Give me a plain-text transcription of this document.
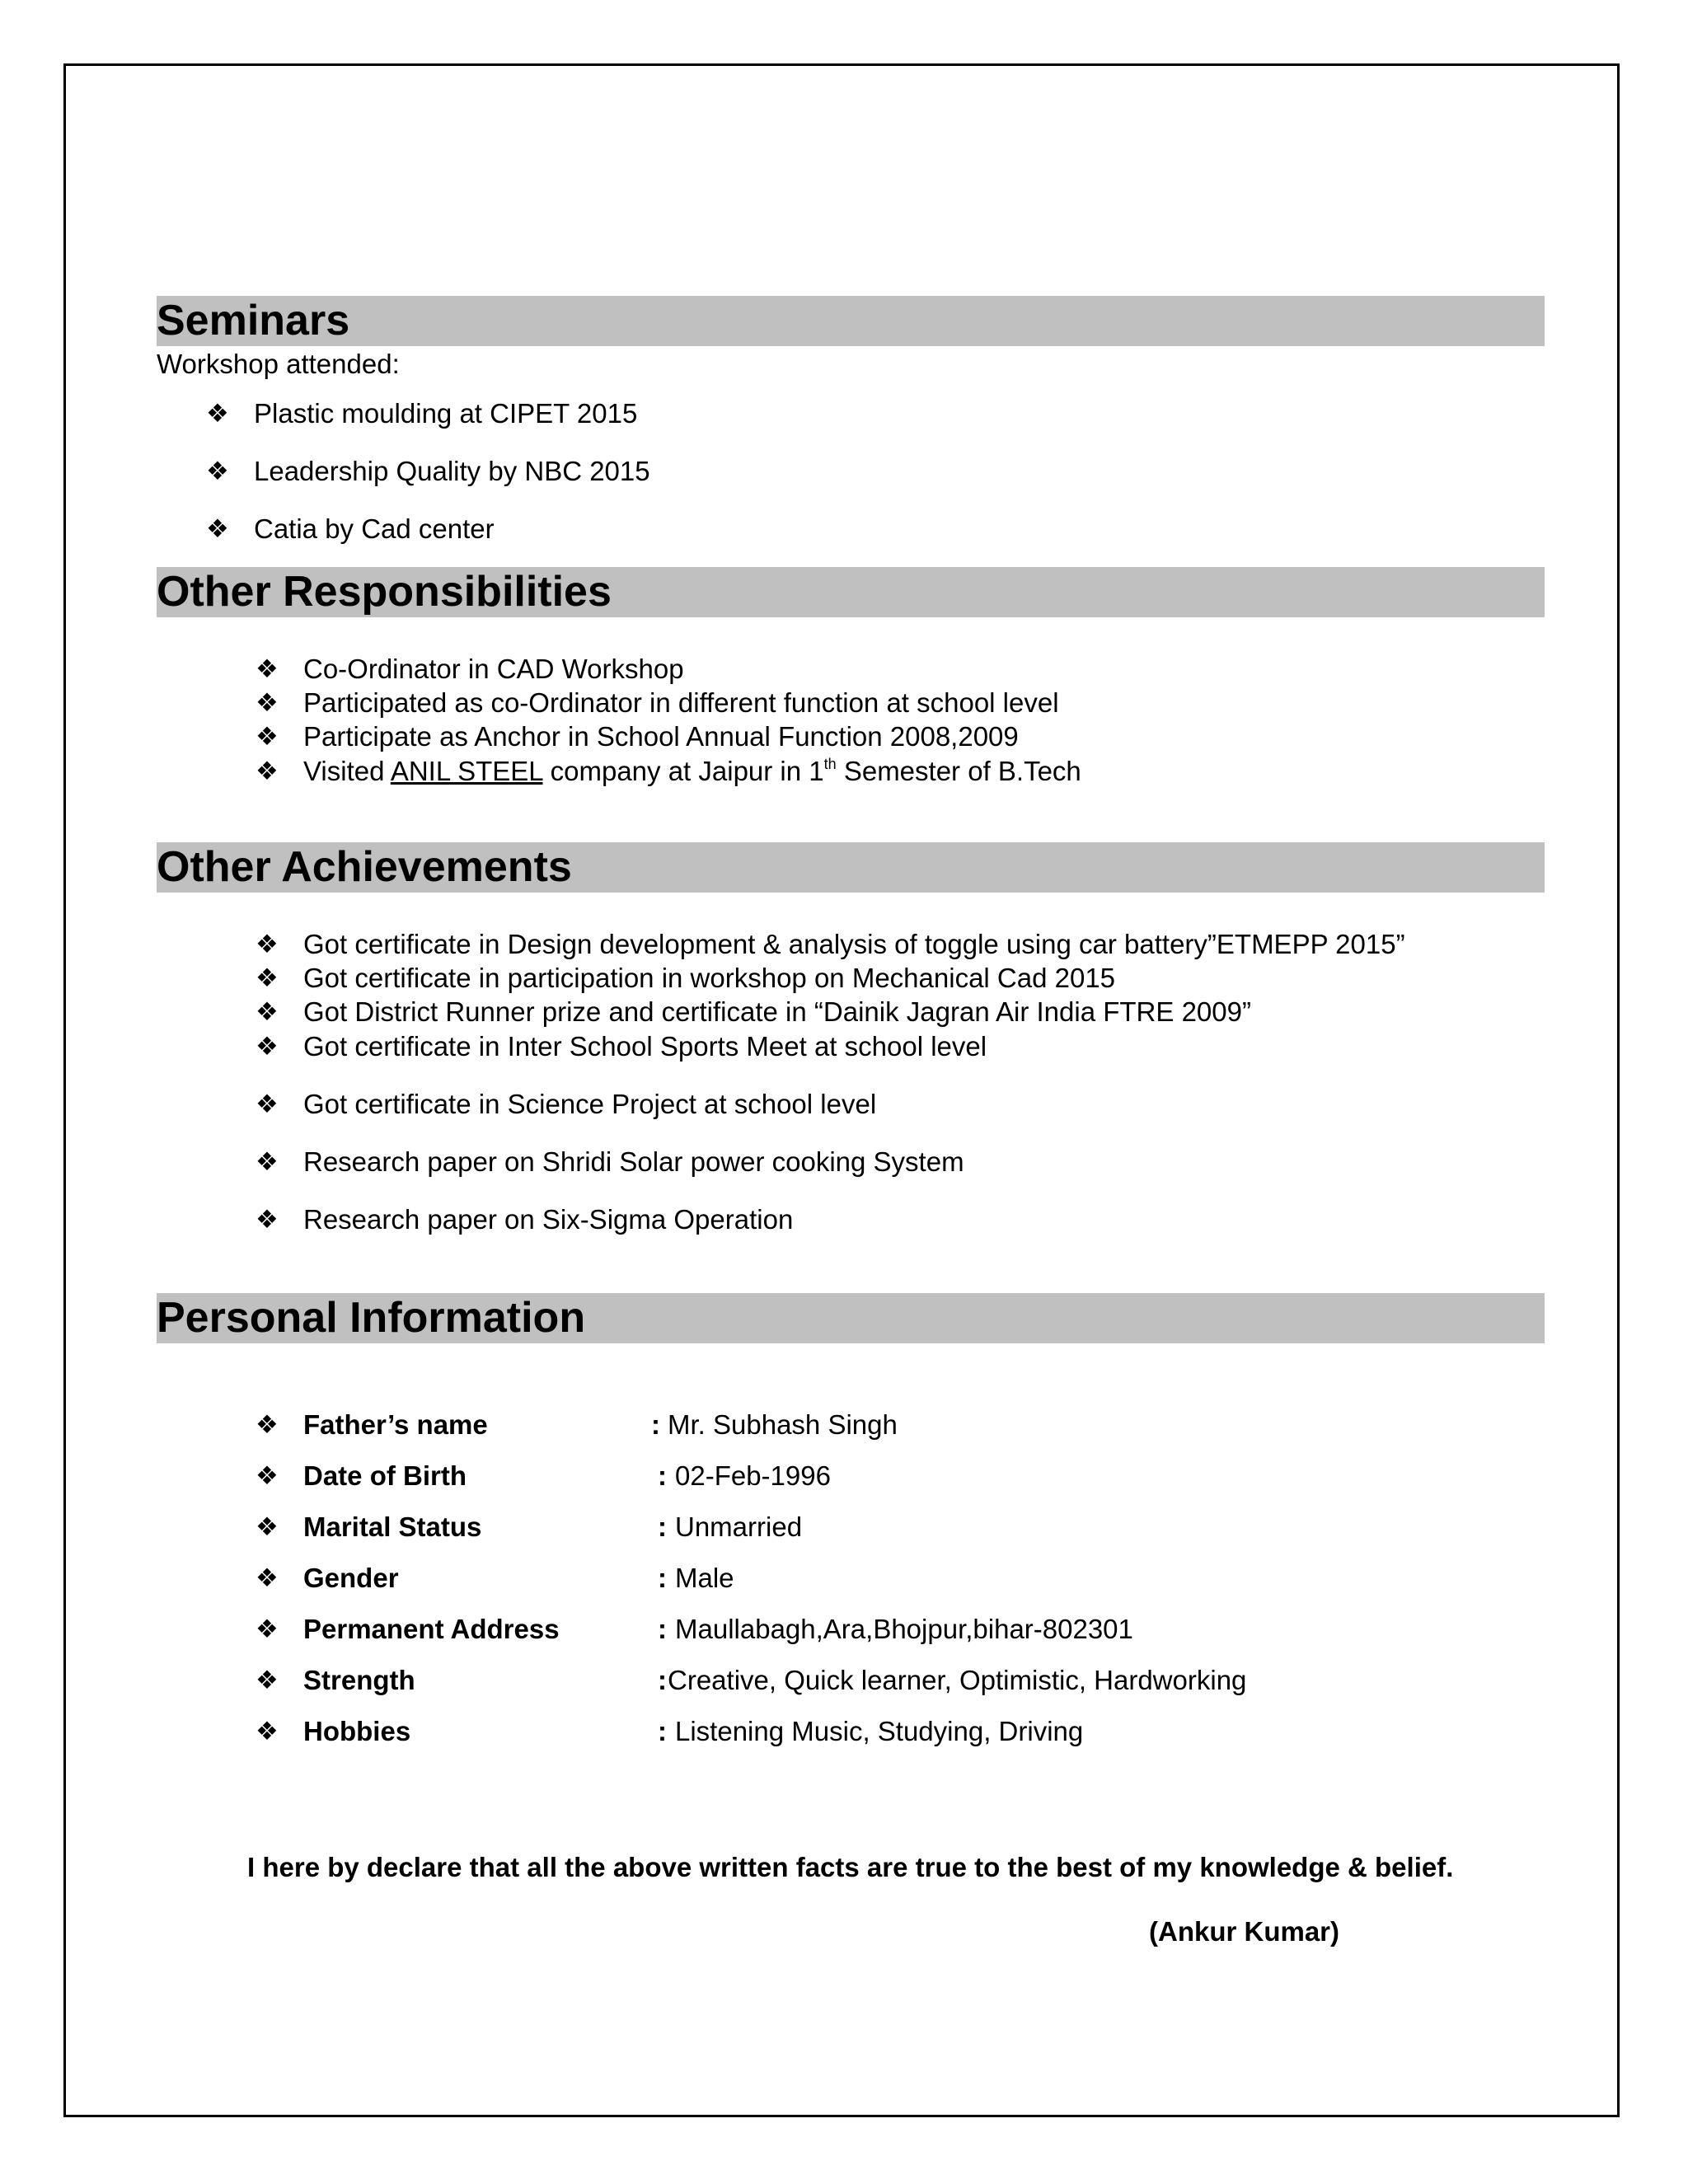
Seminars
Workshop attended:
❖ Plastic moulding at CIPET 2015
❖ Leadership Quality by NBC 2015
❖ Catia by Cad center
Other Responsibilities
❖ Co-Ordinator in CAD Workshop
❖ Participated as co-Ordinator in different function at school level
❖ Participate as Anchor in School Annual Function 2008,2009
❖ Visited ANIL STEEL company at Jaipur in 1th Semester of B.Tech
Other Achievements
❖ Got certificate in Design development & analysis of toggle using car battery”ETMEPP 2015”
❖ Got certificate in participation in workshop on Mechanical Cad 2015
❖ Got District Runner prize and certificate in “Dainik Jagran Air India FTRE 2009”
❖ Got certificate in Inter School Sports Meet at school level
❖ Got certificate in Science Project at school level
❖ Research paper on Shridi Solar power cooking System
❖ Research paper on Six-Sigma Operation
Personal Information
❖ Father’s name	: Mr. Subhash Singh
❖ Date of Birth	: 02-Feb-1996
❖ Marital Status	: Unmarried
❖ Gender	: Male
❖ Permanent Address	: Maullabagh,Ara,Bhojpur,bihar-802301
❖ Strength	: Creative, Quick learner, Optimistic, Hardworking
❖ Hobbies	: Listening Music, Studying, Driving
I here by declare that all the above written facts are true to the best of my knowledge & belief.
(Ankur Kumar)
